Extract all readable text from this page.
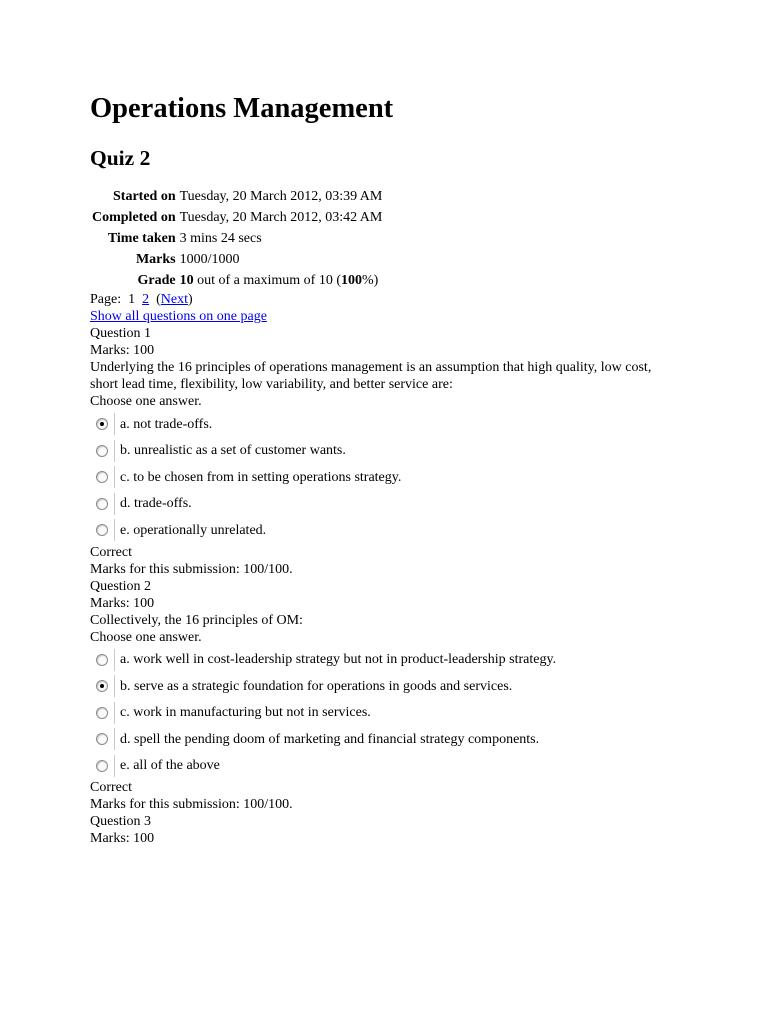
Operations Management
Quiz 2
Started on	Tuesday, 20 March 2012, 03:39 AM
Completed on	Tuesday, 20 March 2012, 03:42 AM
Time taken	3 mins 24 secs
Marks	1000/1000
Grade	10 out of a maximum of 10 (100%)
Page: 1 2  (Next)
Show all questions on one page
Question 1
Marks: 100
Underlying the 16 principles of operations management is an assumption that high quality, low cost, short lead time, flexibility, low variability, and better service are:
Choose one answer.
a. not trade-offs.
b. unrealistic as a set of customer wants.
c. to be chosen from in setting operations strategy.
d. trade-offs.
e. operationally unrelated.
Correct
Marks for this submission: 100/100.
Question 2
Marks: 100
Collectively, the 16 principles of OM:
Choose one answer.
a. work well in cost-leadership strategy but not in product-leadership strategy.
b. serve as a strategic foundation for operations in goods and services.
c. work in manufacturing but not in services.
d. spell the pending doom of marketing and financial strategy components.
e. all of the above
Correct
Marks for this submission: 100/100.
Question 3
Marks: 100
